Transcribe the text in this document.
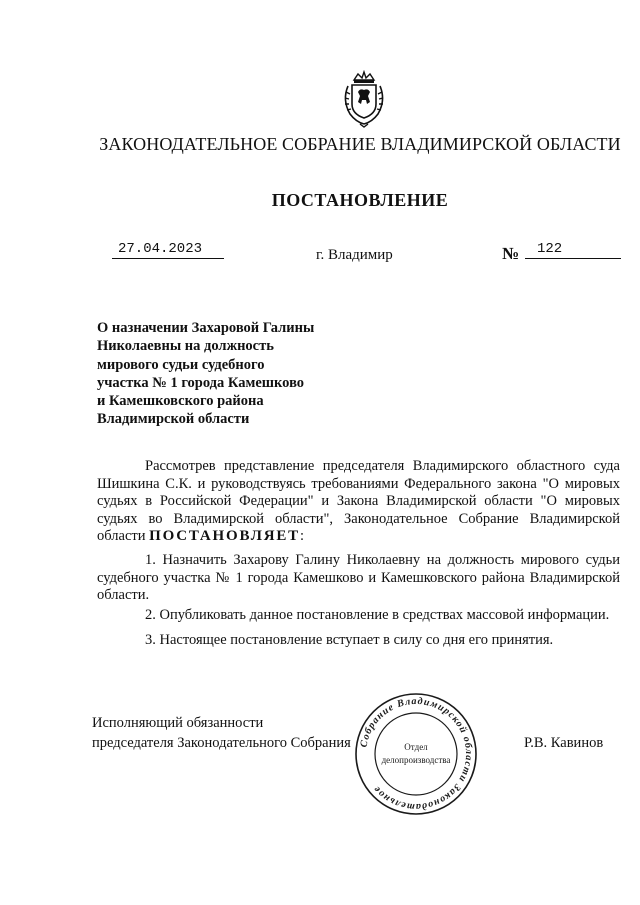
ЗАКОНОДАТЕЛЬНОЕ СОБРАНИЕ ВЛАДИМИРСКОЙ ОБЛАСТИ
ПОСТАНОВЛЕНИЕ
27.04.2023	г. Владимир	№	122
О назначении Захаровой Галины
Николаевны на должность
мирового судьи судебного
участка № 1 города Камешково
и Камешковского района
Владимирской области

Рассмотрев представление председателя Владимирского областного суда Шишкина С.К. и руководствуясь требованиями Федерального закона "О мировых судьях в Российской Федерации" и Закона Владимирской области "О мировых судьях во Владимирской области", Законодательное Собрание Владимирской области ПОСТАНОВЛЯЕТ:

1. Назначить Захарову Галину Николаевну на должность мирового судьи судебного участка № 1 города Камешково и Камешковского района Владимирской области.

2. Опубликовать данное постановление в средствах массовой информации.

3. Настоящее постановление вступает в силу со дня его принятия.

Исполняющий обязанности
председателя Законодательного Собрания	Р.В. Кавинов
Собрание Владимирской области Законодательное
Отдел
делопроизводства
